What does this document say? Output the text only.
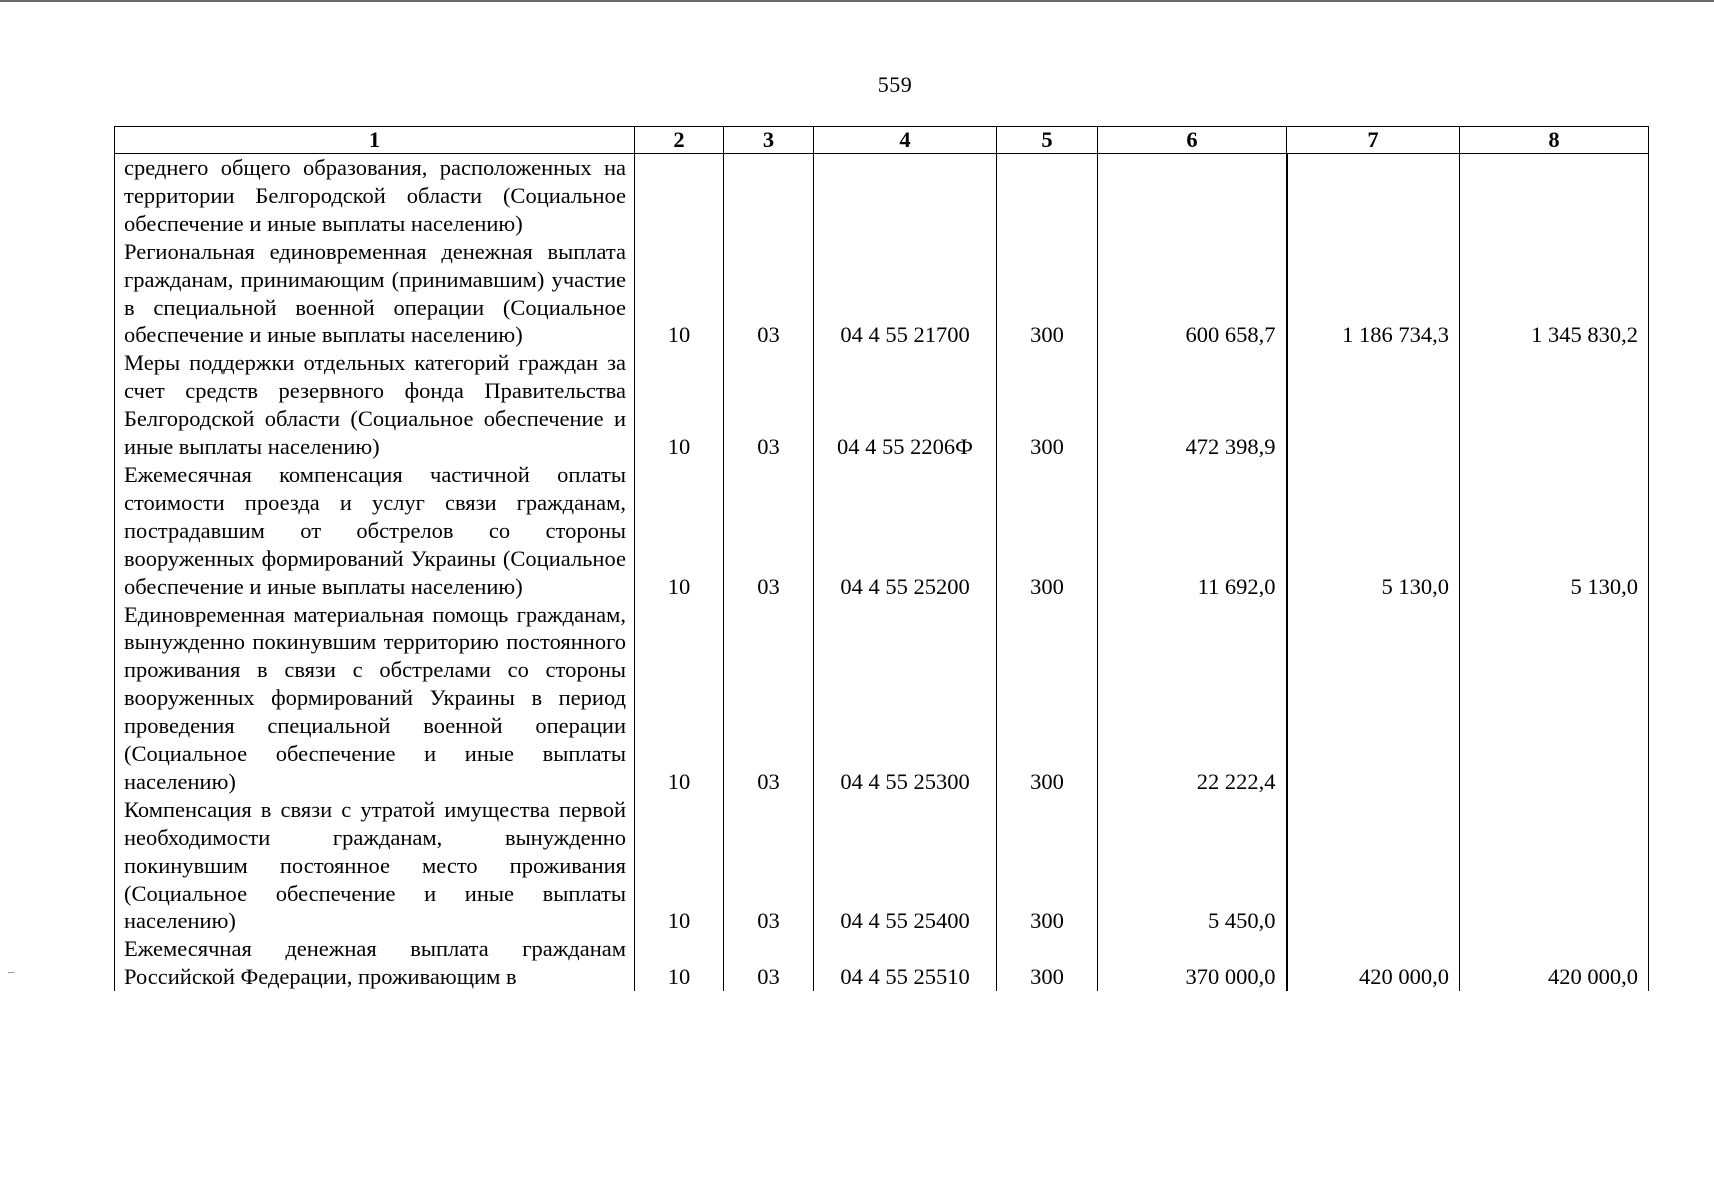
559
1	2	3	4	5	6	7	8
среднего общего образования, расположенных на территории Белгородской области (Социальное обеспечение и иные выплаты населению)							
Региональная единовременная денежная выплата гражданам, принимающим (принимавшим) участие в специальной военной операции (Социальное обеспечение и иные выплаты населению)	10	03	04 4 55 21700	300	600 658,7	1 186 734,3	1 345 830,2
Меры поддержки отдельных категорий граждан за счет средств резервного фонда Правительства Белгородской области (Социальное обеспечение и иные выплаты населению)	10	03	04 4 55 2206Ф	300	472 398,9		
Ежемесячная компенсация частичной оплаты стоимости проезда и услуг связи гражданам, пострадавшим от обстрелов со стороны вооруженных формирований Украины (Социальное обеспечение и иные выплаты населению)	10	03	04 4 55 25200	300	11 692,0	5 130,0	5 130,0
Единовременная материальная помощь гражданам, вынужденно покинувшим территорию постоянного проживания в связи с обстрелами со стороны вооруженных формирований Украины в период проведения специальной военной операции (Социальное обеспечение и иные выплаты населению)	10	03	04 4 55 25300	300	22 222,4		
Компенсация в связи с утратой имущества первой необходимости гражданам, вынужденно покинувшим постоянное место проживания (Социальное обеспечение и иные выплаты населению)	10	03	04 4 55 25400	300	5 450,0		
Ежемесячная денежная выплата гражданам Российской Федерации, проживающим в	10	03	04 4 55 25510	300	370 000,0	420 000,0	420 000,0
